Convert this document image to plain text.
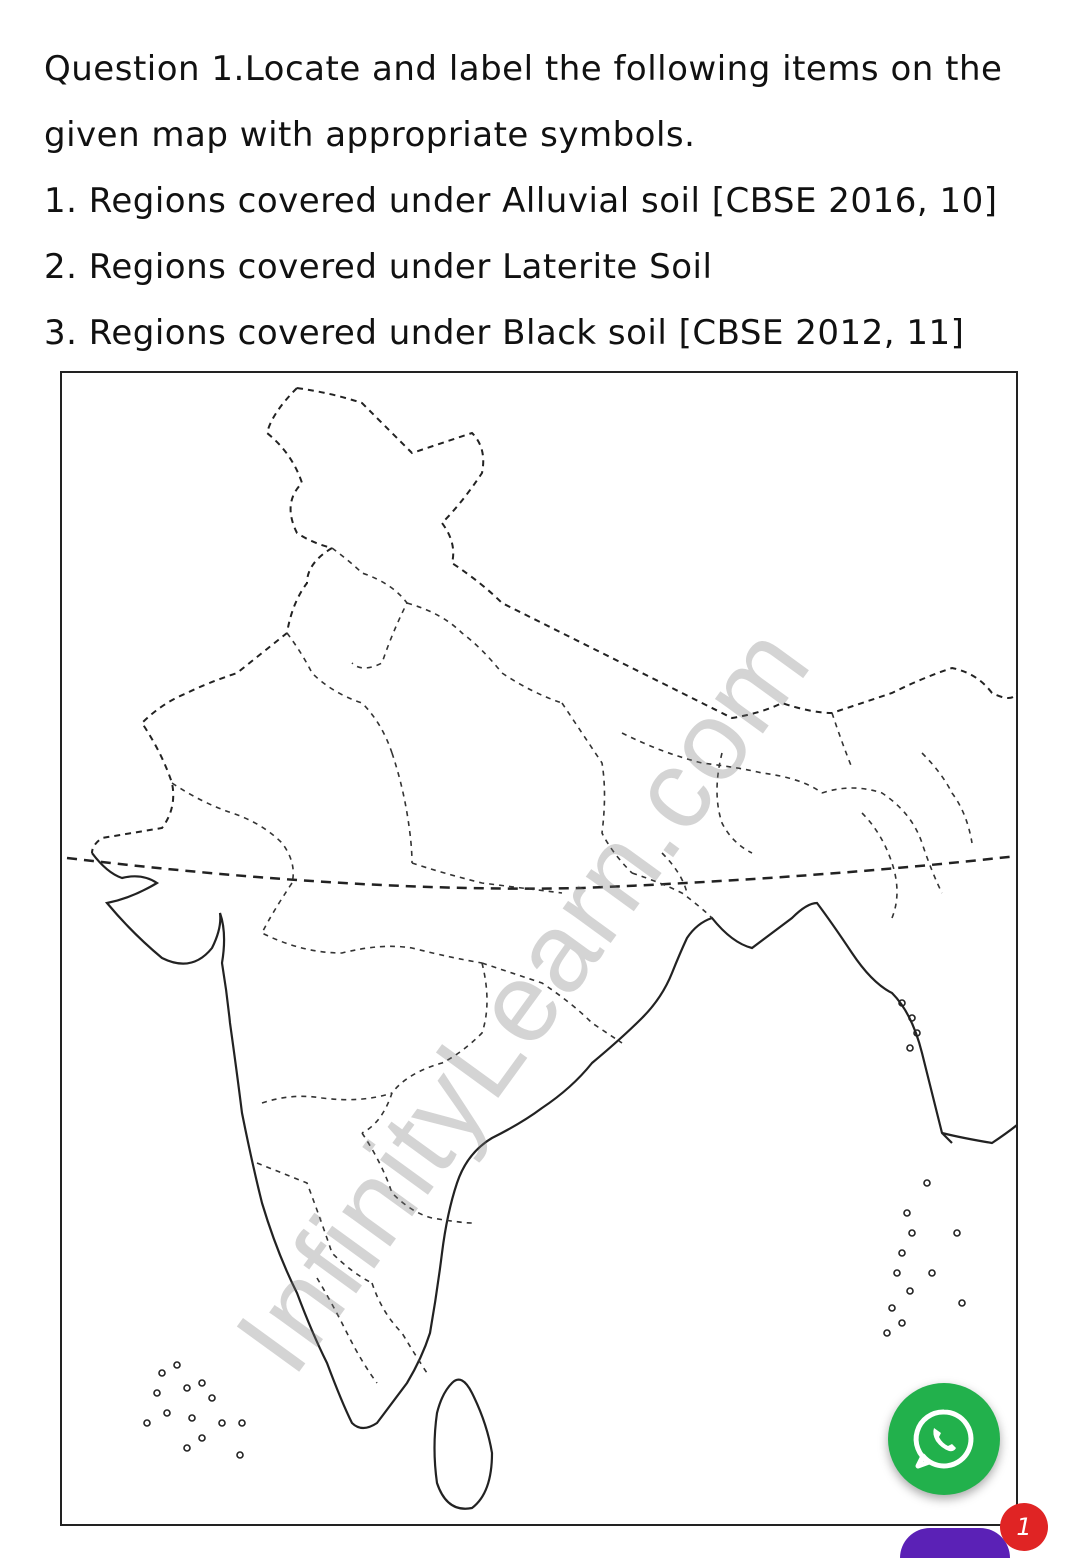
Question 1.Locate and label the following items on the
given map with appropriate symbols.
1. Regions covered under Alluvial soil [CBSE 2016, 10]
2. Regions covered under Laterite Soil
3. Regions covered under Black soil [CBSE 2012, 11]
InfinityLearn.com
1
